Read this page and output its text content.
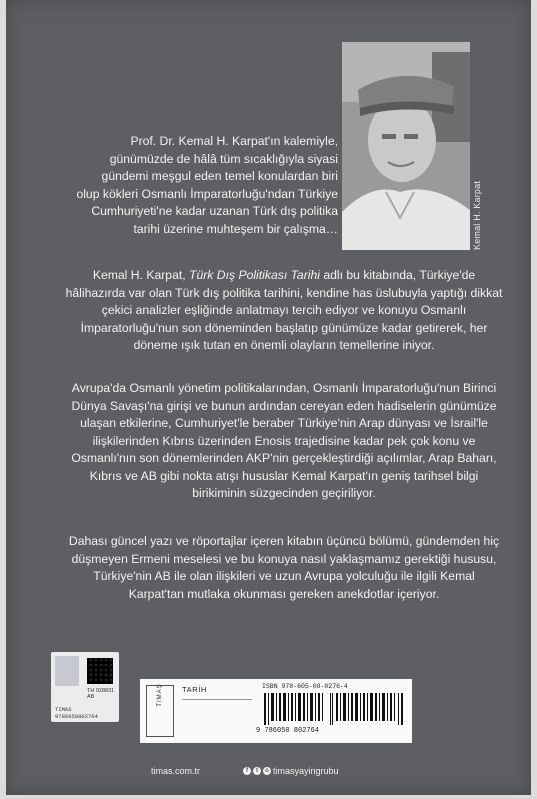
Prof. Dr. Kemal H. Karpat'ın kalemiyle, günümüzde de hâlâ tüm sıcaklığıyla siyasi gündemi meşgul eden temel konulardan biri olup kökleri Osmanlı İmparatorluğu'ndan Türkiye Cumhuriyeti'ne kadar uzanan Türk dış politika tarihi üzerine muhteşem bir çalışma…	Kemal H. Karpat
Kemal H. Karpat, Türk Dış Politikası Tarihi adlı bu kitabında, Türkiye'de hâlihazırda var olan Türk dış politika tarihini, kendine has üslubuyla yaptığı dikkat çekici analizler eşliğinde anlatmayı tercih ediyor ve konuyu Osmanlı İmparatorluğu'nun son döneminden başlatıp günümüze kadar getirerek, her döneme ışık tutan en önemli olayların temellerine iniyor.
Avrupa'da Osmanlı yönetim politikalarından, Osmanlı İmparatorluğu'nun Birinci Dünya Savaşı'na girişi ve bunun ardından cereyan eden hadiselerin günümüze ulaşan etkilerine, Cumhuriyet'le beraber Türkiye'nin Arap dünyası ve İsrail'le ilişkilerinden Kıbrıs üzerinden Enosis trajedisine kadar pek çok konu ve Osmanlı'nın son dönemlerinden AKP'nin gerçekleştirdiği açılımlar, Arap Baharı, Kıbrıs ve AB gibi nokta atışı hususlar Kemal Karpat'ın geniş tarihsel bilgi birikiminin süzgecinden geçiriliyor.
Dahası güncel yazı ve röportajlar içeren kitabın üçüncü bölümü, gündemden hiç düşmeyen Ermeni meselesi ve bu konuya nasıl yaklaşmamız gerektiği hususu, Türkiye'nin AB ile olan ilişkileri ve uzun Avrupa yolculuğu ile ilgili Kemal Karpat'tan mutlaka okunması gereken anekdotlar içeriyor.
TH 028831 AB
TIMAS 9786050802764
TIMAŞ	TARİH	ISBN 978-605-08-0276-4
9 786050 802764
timas.com.tr	f	t	o timasyayingrubu
